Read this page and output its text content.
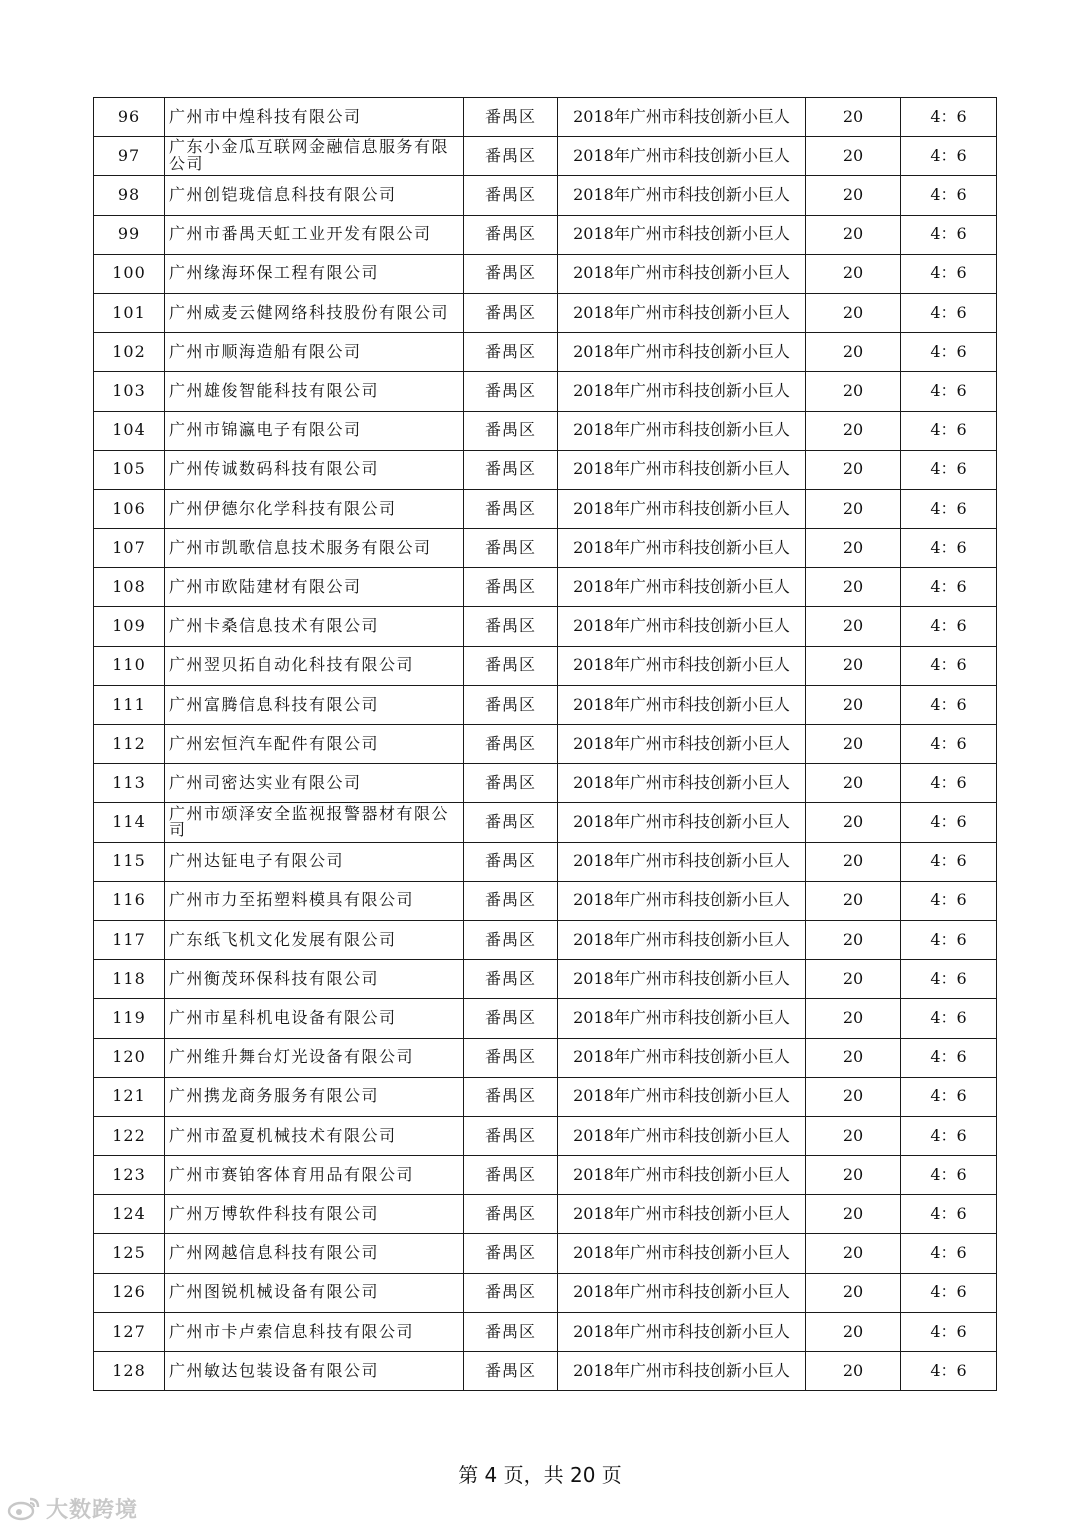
96	广州市中煌科技有限公司	番禺区	2018年广州市科技创新小巨人	20	4：6
97	广东小金瓜互联网金融信息服务有限公司	番禺区	2018年广州市科技创新小巨人	20	4：6
98	广州创铠珑信息科技有限公司	番禺区	2018年广州市科技创新小巨人	20	4：6
99	广州市番禺天虹工业开发有限公司	番禺区	2018年广州市科技创新小巨人	20	4：6
100	广州缘海环保工程有限公司	番禺区	2018年广州市科技创新小巨人	20	4：6
101	广州威麦云健网络科技股份有限公司	番禺区	2018年广州市科技创新小巨人	20	4：6
102	广州市顺海造船有限公司	番禺区	2018年广州市科技创新小巨人	20	4：6
103	广州雄俊智能科技有限公司	番禺区	2018年广州市科技创新小巨人	20	4：6
104	广州市锦瀛电子有限公司	番禺区	2018年广州市科技创新小巨人	20	4：6
105	广州传诚数码科技有限公司	番禺区	2018年广州市科技创新小巨人	20	4：6
106	广州伊德尔化学科技有限公司	番禺区	2018年广州市科技创新小巨人	20	4：6
107	广州市凯歌信息技术服务有限公司	番禺区	2018年广州市科技创新小巨人	20	4：6
108	广州市欧陆建材有限公司	番禺区	2018年广州市科技创新小巨人	20	4：6
109	广州卡桑信息技术有限公司	番禺区	2018年广州市科技创新小巨人	20	4：6
110	广州翌贝拓自动化科技有限公司	番禺区	2018年广州市科技创新小巨人	20	4：6
111	广州富腾信息科技有限公司	番禺区	2018年广州市科技创新小巨人	20	4：6
112	广州宏恒汽车配件有限公司	番禺区	2018年广州市科技创新小巨人	20	4：6
113	广州司密达实业有限公司	番禺区	2018年广州市科技创新小巨人	20	4：6
114	广州市颂泽安全监视报警器材有限公司	番禺区	2018年广州市科技创新小巨人	20	4：6
115	广州达钲电子有限公司	番禺区	2018年广州市科技创新小巨人	20	4：6
116	广州市力至拓塑料模具有限公司	番禺区	2018年广州市科技创新小巨人	20	4：6
117	广东纸飞机文化发展有限公司	番禺区	2018年广州市科技创新小巨人	20	4：6
118	广州衡茂环保科技有限公司	番禺区	2018年广州市科技创新小巨人	20	4：6
119	广州市星科机电设备有限公司	番禺区	2018年广州市科技创新小巨人	20	4：6
120	广州维升舞台灯光设备有限公司	番禺区	2018年广州市科技创新小巨人	20	4：6
121	广州携龙商务服务有限公司	番禺区	2018年广州市科技创新小巨人	20	4：6
122	广州市盈夏机械技术有限公司	番禺区	2018年广州市科技创新小巨人	20	4：6
123	广州市赛铂客体育用品有限公司	番禺区	2018年广州市科技创新小巨人	20	4：6
124	广州万博软件科技有限公司	番禺区	2018年广州市科技创新小巨人	20	4：6
125	广州网越信息科技有限公司	番禺区	2018年广州市科技创新小巨人	20	4：6
126	广州图锐机械设备有限公司	番禺区	2018年广州市科技创新小巨人	20	4：6
127	广州市卡卢索信息科技有限公司	番禺区	2018年广州市科技创新小巨人	20	4：6
128	广州敏达包装设备有限公司	番禺区	2018年广州市科技创新小巨人	20	4：6
第 4 页，共 20 页
大数跨境
